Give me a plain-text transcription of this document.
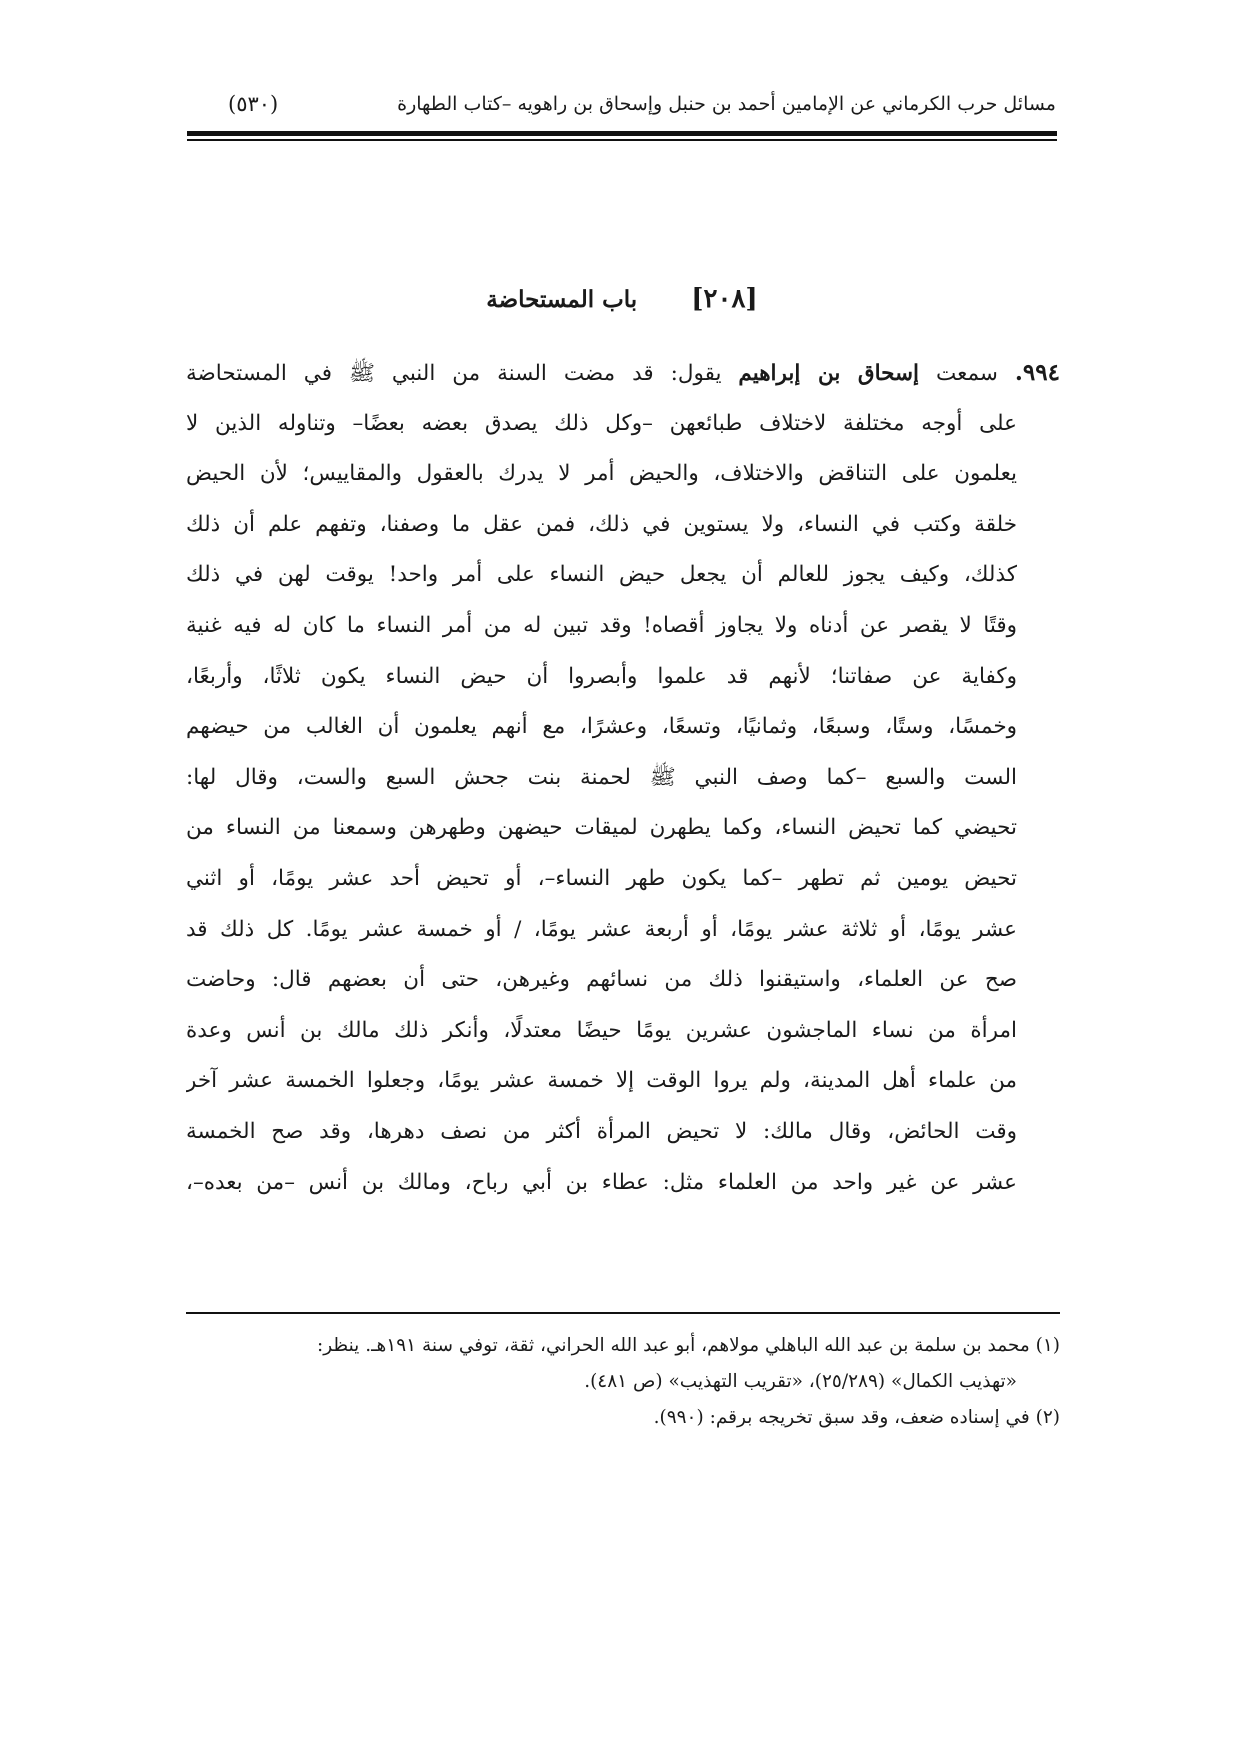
مسائل حرب الكرماني عن الإمامين أحمد بن حنبل وإسحاق بن راهويه –كتاب الطهارة
(٥٣٠)
[٢٠٨] باب المستحاضة
٩٩٤. سمعت إسحاق بن إبراهيم يقول: قد مضت السنة من النبي ﷺ في المستحاضة
على أوجه مختلفة لاختلاف طبائعهن –وكل ذلك يصدق بعضه بعضًا– وتناوله الذين لا
يعلمون على التناقض والاختلاف، والحيض أمر لا يدرك بالعقول والمقاييس؛ لأن الحيض
خلقة وكتب في النساء، ولا يستوين في ذلك، فمن عقل ما وصفنا، وتفهم علم أن ذلك
كذلك، وكيف يجوز للعالم أن يجعل حيض النساء على أمر واحد! يوقت لهن في ذلك
وقتًا لا يقصر عن أدناه ولا يجاوز أقصاه! وقد تبين له من أمر النساء ما كان له فيه غنية
وكفاية عن صفاتنا؛ لأنهم قد علموا وأبصروا أن حيض النساء يكون ثلاثًا، وأربعًا،
وخمسًا، وستًا، وسبعًا، وثمانيًا، وتسعًا، وعشرًا، مع أنهم يعلمون أن الغالب من حيضهم
الست والسبع –كما وصف النبي ﷺ لحمنة بنت جحش السبع والست، وقال لها:
تحيضي كما تحيض النساء، وكما يطهرن لميقات حيضهن وطهرهن وسمعنا من النساء من
تحيض يومين ثم تطهر –كما يكون طهر النساء–، أو تحيض أحد عشر يومًا، أو اثني
عشر يومًا، أو ثلاثة عشر يومًا، أو أربعة عشر يومًا، / أو خمسة عشر يومًا. كل ذلك قد
صح عن العلماء، واستيقنوا ذلك من نسائهم وغيرهن، حتى أن بعضهم قال: وحاضت
امرأة من نساء الماجشون عشرين يومًا حيضًا معتدلًا، وأنكر ذلك مالك بن أنس وعدة
من علماء أهل المدينة، ولم يروا الوقت إلا خمسة عشر يومًا، وجعلوا الخمسة عشر آخر
وقت الحائض، وقال مالك: لا تحيض المرأة أكثر من نصف دهرها، وقد صح الخمسة
عشر عن غير واحد من العلماء مثل: عطاء بن أبي رباح، ومالك بن أنس –من بعده–،
(١) محمد بن سلمة بن عبد الله الباهلي مولاهم، أبو عبد الله الحراني، ثقة، توفي سنة ١٩١هـ. ينظر:
«تهذيب الكمال» (٢٥/٢٨٩)، «تقريب التهذيب» (ص ٤٨١).
(٢) في إسناده ضعف، وقد سبق تخريجه برقم: (٩٩٠).
